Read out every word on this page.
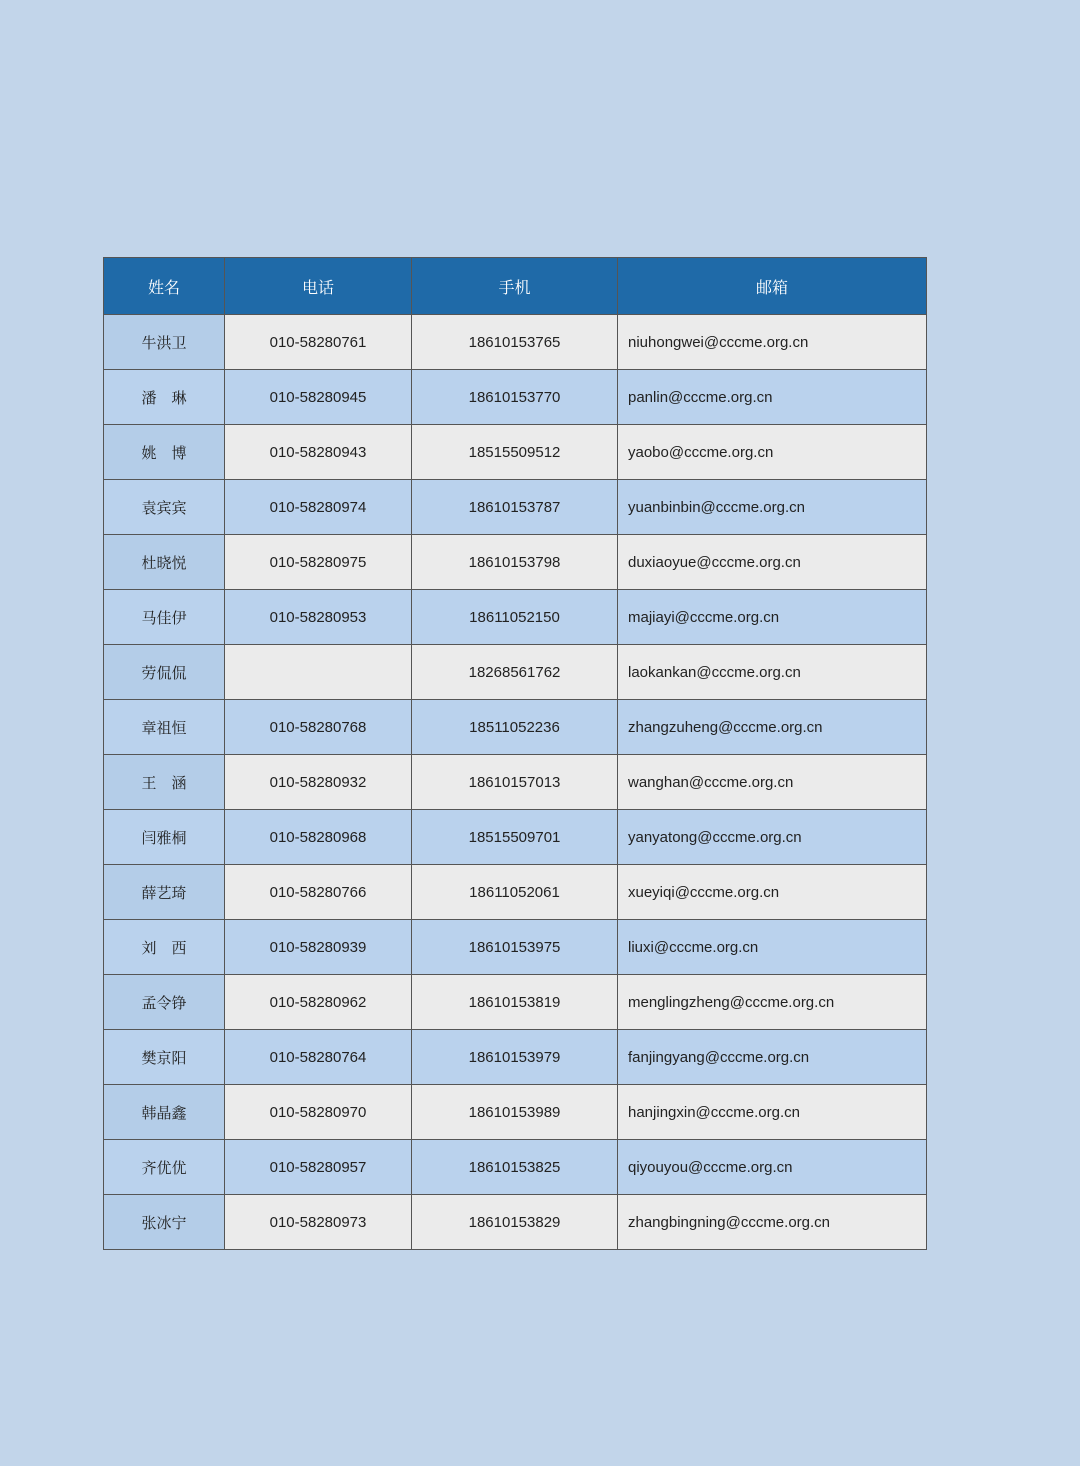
姓名	电话	手机	邮箱
牛洪卫	010-58280761	18610153765	niuhongwei@cccme.org.cn
潘　琳	010-58280945	18610153770	panlin@cccme.org.cn
姚　博	010-58280943	18515509512	yaobo@cccme.org.cn
袁宾宾	010-58280974	18610153787	yuanbinbin@cccme.org.cn
杜晓悦	010-58280975	18610153798	duxiaoyue@cccme.org.cn
马佳伊	010-58280953	18611052150	majiayi@cccme.org.cn
劳侃侃		18268561762	laokankan@cccme.org.cn
章祖恒	010-58280768	18511052236	zhangzuheng@cccme.org.cn
王　涵	010-58280932	18610157013	wanghan@cccme.org.cn
闫雅桐	010-58280968	18515509701	yanyatong@cccme.org.cn
薛艺琦	010-58280766	18611052061	xueyiqi@cccme.org.cn
刘　西	010-58280939	18610153975	liuxi@cccme.org.cn
孟令铮	010-58280962	18610153819	menglingzheng@cccme.org.cn
樊京阳	010-58280764	18610153979	fanjingyang@cccme.org.cn
韩晶鑫	010-58280970	18610153989	hanjingxin@cccme.org.cn
齐优优	010-58280957	18610153825	qiyouyou@cccme.org.cn
张冰宁	010-58280973	18610153829	zhangbingning@cccme.org.cn
